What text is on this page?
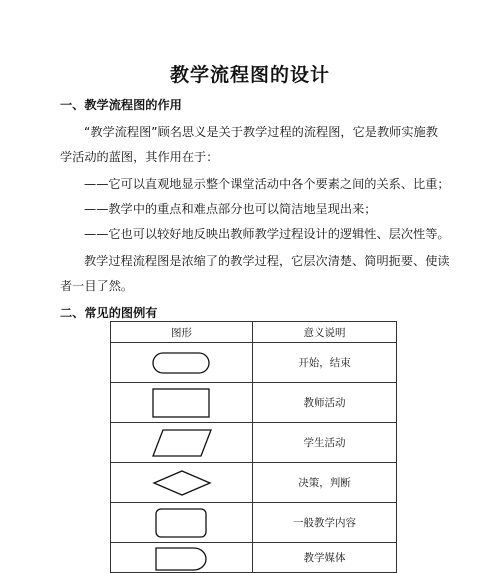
教学流程图的设计
一、教学流程图的作用
“教学流程图”顾名思义是关于教学过程的流程图，它是教师实施教
学活动的蓝图，其作用在于：
——它可以直观地显示整个课堂活动中各个要素之间的关系、比重；
——教学中的重点和难点部分也可以简洁地呈现出来；
——它也可以较好地反映出教师教学过程设计的逻辑性、层次性等。
教学过程流程图是浓缩了的教学过程，它层次清楚、简明扼要、使读
者一目了然。
二、常见的图例有
图形	意义说明

	开始，结束

	教师活动

	学生活动

	决策，判断

	一般教学内容

	教学媒体
